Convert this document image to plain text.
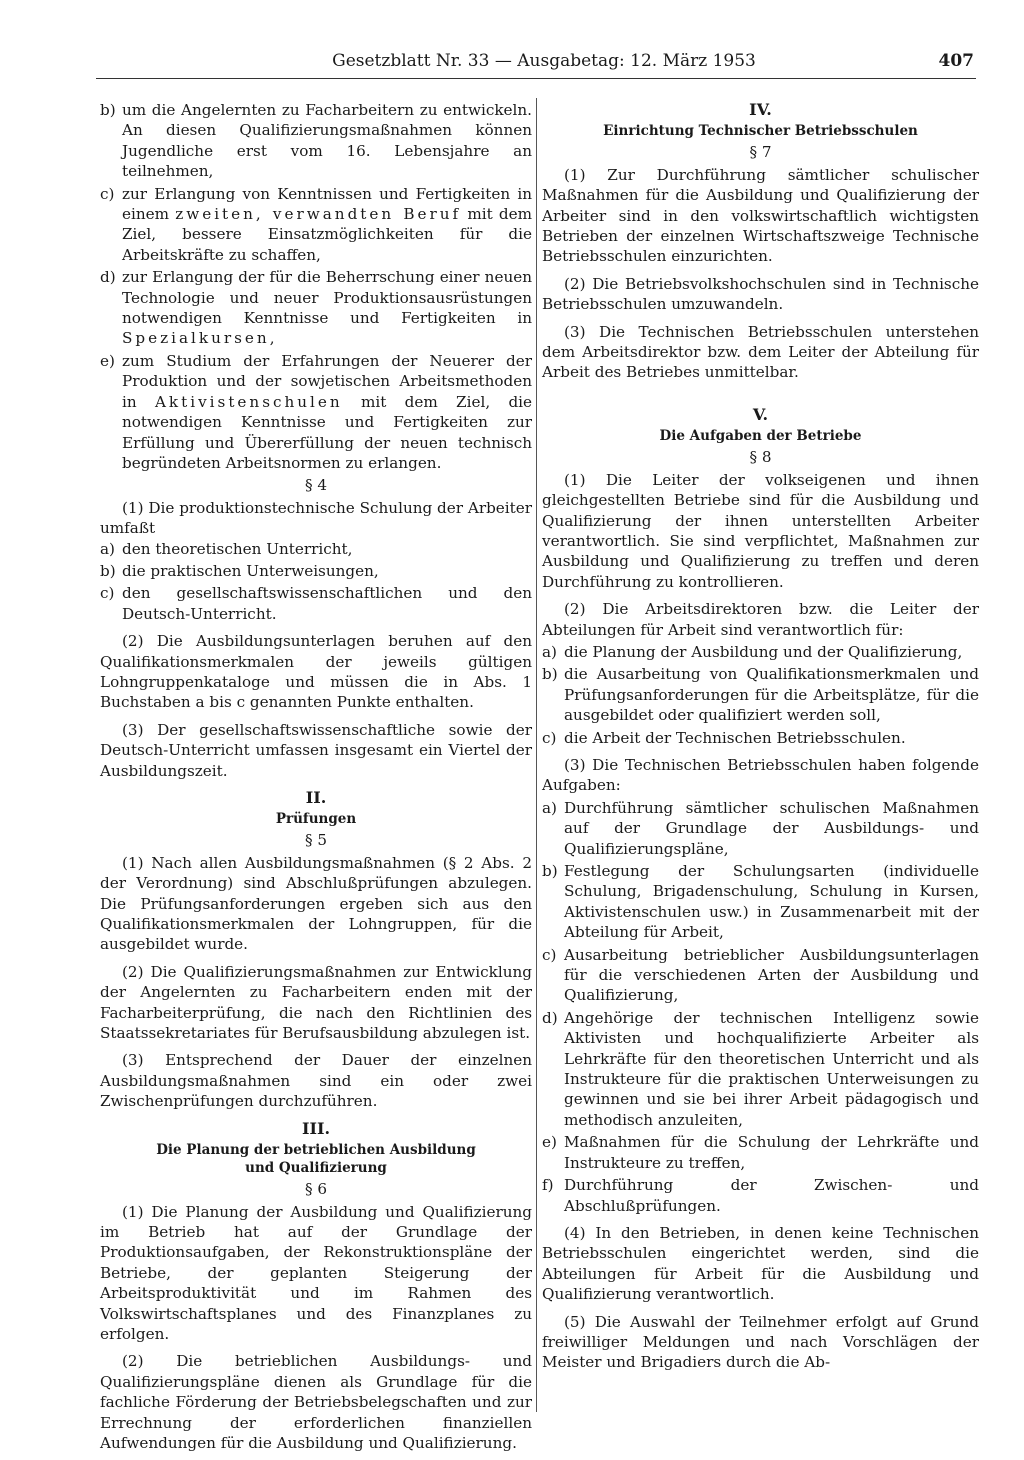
Gesetzblatt Nr. 33 — Ausgabetag: 12. März 1953	407
b) um die Angelernten zu Facharbeitern zu entwickeln. An diesen Qualifizierungsmaßnahmen können Jugendliche erst vom 16. Lebensjahre an teilnehmen,
c) zur Erlangung von Kenntnissen und Fertigkeiten in einem zweiten, verwandten Beruf mit dem Ziel, bessere Einsatzmöglichkeiten für die Arbeitskräfte zu schaffen,
d) zur Erlangung der für die Beherrschung einer neuen Technologie und neuer Produktionsausrüstungen notwendigen Kenntnisse und Fertigkeiten in Spezialkursen,
e) zum Studium der Erfahrungen der Neuerer der Produktion und der sowjetischen Arbeitsmethoden in Aktivistenschulen mit dem Ziel, die notwendigen Kenntnisse und Fertigkeiten zur Erfüllung und Übererfüllung der neuen technisch begründeten Arbeitsnormen zu erlangen.
§ 4
(1) Die produktionstechnische Schulung der Arbeiter umfaßt
a) den theoretischen Unterricht,
b) die praktischen Unterweisungen,
c) den gesellschaftswissenschaftlichen und den Deutsch-Unterricht.
(2) Die Ausbildungsunterlagen beruhen auf den Qualifikationsmerkmalen der jeweils gültigen Lohngruppenkataloge und müssen die in Abs. 1 Buchstaben a bis c genannten Punkte enthalten.
(3) Der gesellschaftswissenschaftliche sowie der Deutsch-Unterricht umfassen insgesamt ein Viertel der Ausbildungszeit.
II.
Prüfungen
§ 5
(1) Nach allen Ausbildungsmaßnahmen (§ 2 Abs. 2 der Verordnung) sind Abschlußprüfungen abzulegen. Die Prüfungsanforderungen ergeben sich aus den Qualifikationsmerkmalen der Lohngruppen, für die ausgebildet wurde.
(2) Die Qualifizierungsmaßnahmen zur Entwicklung der Angelernten zu Facharbeitern enden mit der Facharbeiterprüfung, die nach den Richtlinien des Staatssekretariates für Berufsausbildung abzulegen ist.
(3) Entsprechend der Dauer der einzelnen Ausbildungsmaßnahmen sind ein oder zwei Zwischenprüfungen durchzuführen.
III.
Die Planung der betrieblichen Ausbildung
und Qualifizierung
§ 6
(1) Die Planung der Ausbildung und Qualifizierung im Betrieb hat auf der Grundlage der Produktionsaufgaben, der Rekonstruktionspläne der Betriebe, der geplanten Steigerung der Arbeitsproduktivität und im Rahmen des Volkswirtschaftsplanes und des Finanzplanes zu erfolgen.
(2) Die betrieblichen Ausbildungs- und Qualifizierungspläne dienen als Grundlage für die fachliche Förderung der Betriebsbelegschaften und zur Errechnung der erforderlichen finanziellen Aufwendungen für die Ausbildung und Qualifizierung.
IV.
Einrichtung Technischer Betriebsschulen
§ 7
(1) Zur Durchführung sämtlicher schulischer Maßnahmen für die Ausbildung und Qualifizierung der Arbeiter sind in den volkswirtschaftlich wichtigsten Betrieben der einzelnen Wirtschaftszweige Technische Betriebsschulen einzurichten.
(2) Die Betriebsvolkshochschulen sind in Technische Betriebsschulen umzuwandeln.
(3) Die Technischen Betriebsschulen unterstehen dem Arbeitsdirektor bzw. dem Leiter der Abteilung für Arbeit des Betriebes unmittelbar.
V.
Die Aufgaben der Betriebe
§ 8
(1) Die Leiter der volkseigenen und ihnen gleichgestellten Betriebe sind für die Ausbildung und Qualifizierung der ihnen unterstellten Arbeiter verantwortlich. Sie sind verpflichtet, Maßnahmen zur Ausbildung und Qualifizierung zu treffen und deren Durchführung zu kontrollieren.
(2) Die Arbeitsdirektoren bzw. die Leiter der Abteilungen für Arbeit sind verantwortlich für:
a) die Planung der Ausbildung und der Qualifizierung,
b) die Ausarbeitung von Qualifikationsmerkmalen und Prüfungsanforderungen für die Arbeitsplätze, für die ausgebildet oder qualifiziert werden soll,
c) die Arbeit der Technischen Betriebsschulen.
(3) Die Technischen Betriebsschulen haben folgende Aufgaben:
a) Durchführung sämtlicher schulischen Maßnahmen auf der Grundlage der Ausbildungs- und Qualifizierungspläne,
b) Festlegung der Schulungsarten (individuelle Schulung, Brigadenschulung, Schulung in Kursen, Aktivistenschulen usw.) in Zusammenarbeit mit der Abteilung für Arbeit,
c) Ausarbeitung betrieblicher Ausbildungsunterlagen für die verschiedenen Arten der Ausbildung und Qualifizierung,
d) Angehörige der technischen Intelligenz sowie Aktivisten und hochqualifizierte Arbeiter als Lehrkräfte für den theoretischen Unterricht und als Instrukteure für die praktischen Unterweisungen zu gewinnen und sie bei ihrer Arbeit pädagogisch und methodisch anzuleiten,
e) Maßnahmen für die Schulung der Lehrkräfte und Instrukteure zu treffen,
f) Durchführung der Zwischen- und Abschlußprüfungen.
(4) In den Betrieben, in denen keine Technischen Betriebsschulen eingerichtet werden, sind die Abteilungen für Arbeit für die Ausbildung und Qualifizierung verantwortlich.
(5) Die Auswahl der Teilnehmer erfolgt auf Grund freiwilliger Meldungen und nach Vorschlägen der Meister und Brigadiers durch die Ab-
